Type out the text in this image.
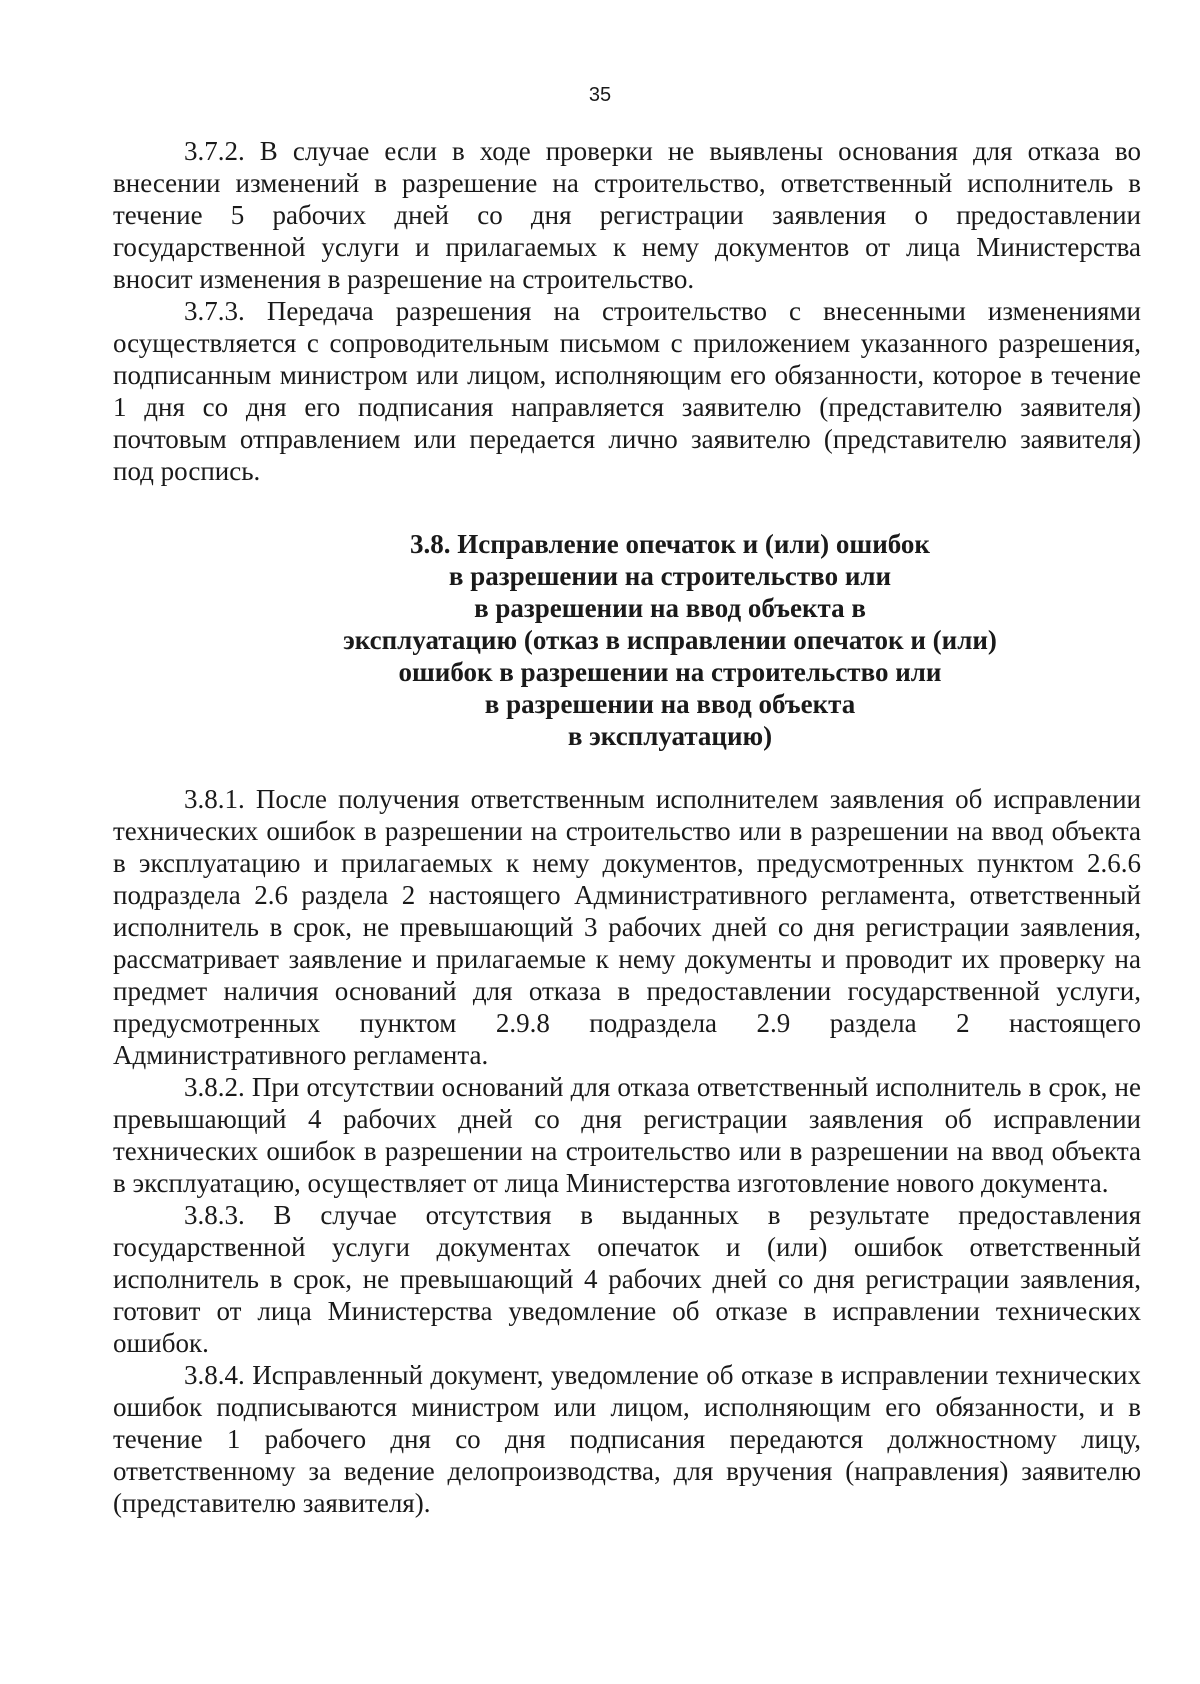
35

3.7.2. В случае если в ходе проверки не выявлены основания для отказа во внесении изменений в разрешение на строительство, ответственный исполнитель в течение 5 рабочих дней со дня регистрации заявления о предоставлении государственной услуги и прилагаемых к нему документов от лица Министерства вносит изменения в разрешение на строительство.

3.7.3. Передача разрешения на строительство с внесенными изменениями осуществляется с сопроводительным письмом с приложением указанного разрешения, подписанным министром или лицом, исполняющим его обязанности, которое в течение 1 дня со дня его подписания направляется заявителю (представителю заявителя) почтовым отправлением или передается лично заявителю (представителю заявителя) под роспись.

3.8. Исправление опечаток и (или) ошибок
в разрешении на строительство или
в разрешении на ввод объекта в
эксплуатацию (отказ в исправлении опечаток и (или)
ошибок в разрешении на строительство или
в разрешении на ввод объекта
в эксплуатацию)

3.8.1. После получения ответственным исполнителем заявления об исправлении технических ошибок в разрешении на строительство или в разрешении на ввод объекта в эксплуатацию и прилагаемых к нему документов, предусмотренных пунктом 2.6.6 подраздела 2.6 раздела 2 настоящего Административного регламента, ответственный исполнитель в срок, не превышающий 3 рабочих дней со дня регистрации заявления, рассматривает заявление и прилагаемые к нему документы и проводит их проверку на предмет наличия оснований для отказа в предоставлении государственной услуги, предусмотренных пунктом 2.9.8 подраздела 2.9 раздела 2 настоящего Административного регламента.

3.8.2. При отсутствии оснований для отказа ответственный исполнитель в срок, не превышающий 4 рабочих дней со дня регистрации заявления об исправлении технических ошибок в разрешении на строительство или в разрешении на ввод объекта в эксплуатацию, осуществляет от лица Министерства изготовление нового документа.

3.8.3. В случае отсутствия в выданных в результате предоставления государственной услуги документах опечаток и (или) ошибок ответственный исполнитель в срок, не превышающий 4 рабочих дней со дня регистрации заявления, готовит от лица Министерства уведомление об отказе в исправлении технических ошибок.

3.8.4. Исправленный документ, уведомление об отказе в исправлении технических ошибок подписываются министром или лицом, исполняющим его обязанности, и в течение 1 рабочего дня со дня подписания передаются должностному лицу, ответственному за ведение делопроизводства, для вручения (направления) заявителю (представителю заявителя).
